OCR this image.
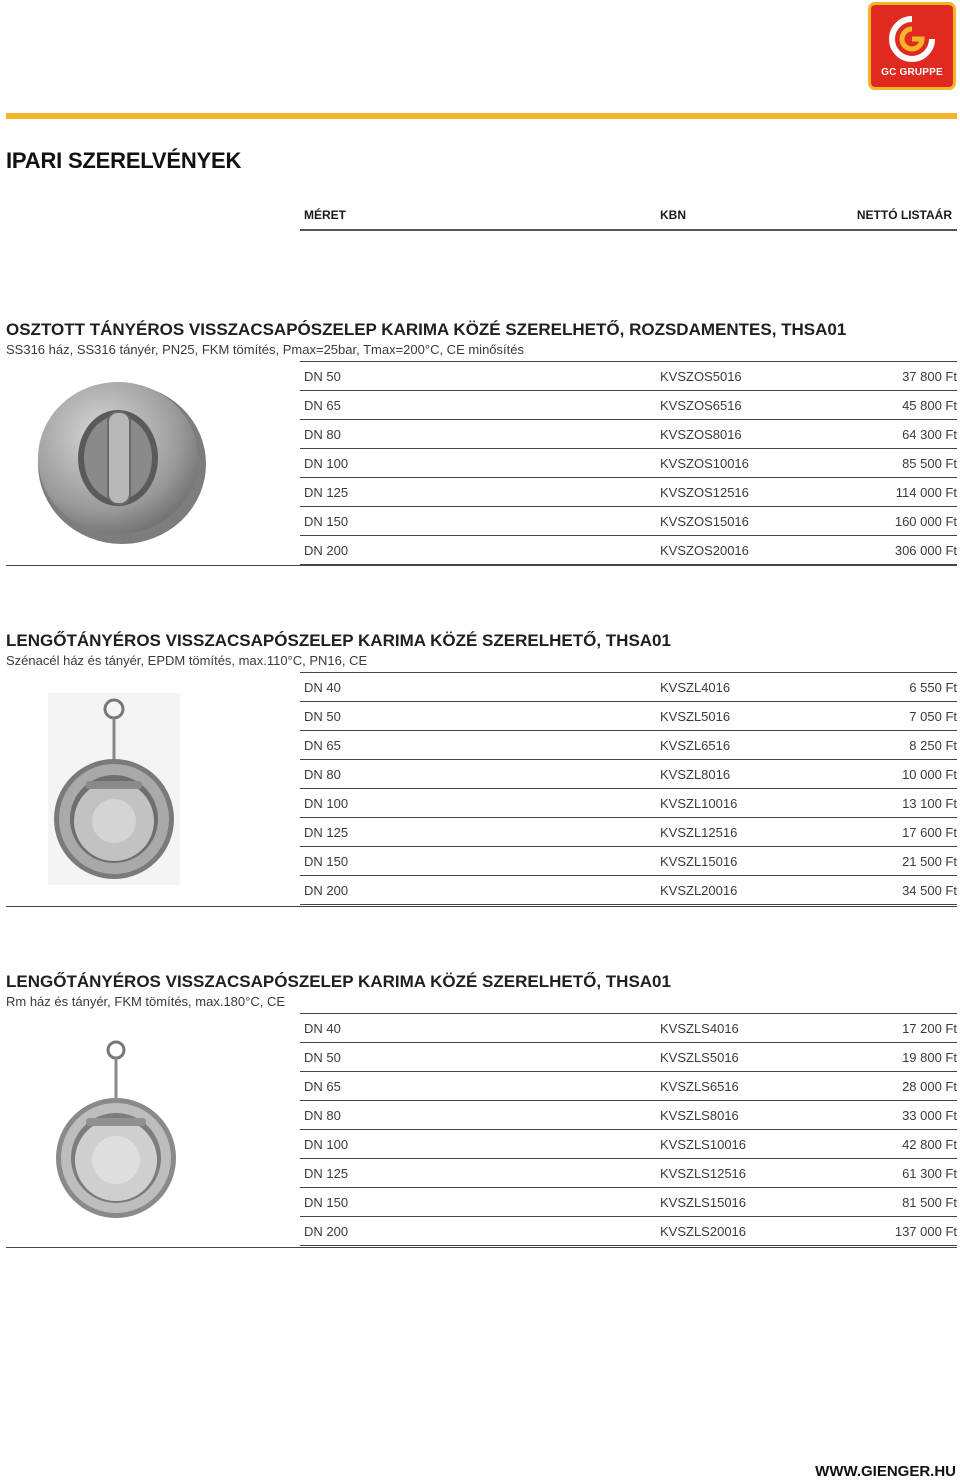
GC GRUPPE
IPARI SZERELVÉNYEK
MÉRET	KBN	NETTÓ LISTAÁR
OSZTOTT TÁNYÉROS VISSZACSAPÓSZELEP KARIMA KÖZÉ SZERELHETŐ, ROZSDAMENTES, THSA01
SS316 ház, SS316 tányér, PN25, FKM tömítés, Pmax=25bar, Tmax=200°C, CE minősítés
DN 50	KVSZOS5016	37 800 Ft
DN 65	KVSZOS6516	45 800 Ft
DN 80	KVSZOS8016	64 300 Ft
DN 100	KVSZOS10016	85 500 Ft
DN 125	KVSZOS12516	114 000 Ft
DN 150	KVSZOS15016	160 000 Ft
DN 200	KVSZOS20016	306 000 Ft
LENGŐTÁNYÉROS VISSZACSAPÓSZELEP KARIMA KÖZÉ SZERELHETŐ, THSA01
Szénacél ház és tányér, EPDM tömítés, max.110°C, PN16, CE
DN 40	KVSZL4016	6 550 Ft
DN 50	KVSZL5016	7 050 Ft
DN 65	KVSZL6516	8 250 Ft
DN 80	KVSZL8016	10 000 Ft
DN 100	KVSZL10016	13 100 Ft
DN 125	KVSZL12516	17 600 Ft
DN 150	KVSZL15016	21 500 Ft
DN 200	KVSZL20016	34 500 Ft
LENGŐTÁNYÉROS VISSZACSAPÓSZELEP KARIMA KÖZÉ SZERELHETŐ, THSA01
Rm ház és tányér, FKM tömítés, max.180°C, CE
DN 40	KVSZLS4016	17 200 Ft
DN 50	KVSZLS5016	19 800 Ft
DN 65	KVSZLS6516	28 000 Ft
DN 80	KVSZLS8016	33 000 Ft
DN 100	KVSZLS10016	42 800 Ft
DN 125	KVSZLS12516	61 300 Ft
DN 150	KVSZLS15016	81 500 Ft
DN 200	KVSZLS20016	137 000 Ft
WWW.GIENGER.HU
